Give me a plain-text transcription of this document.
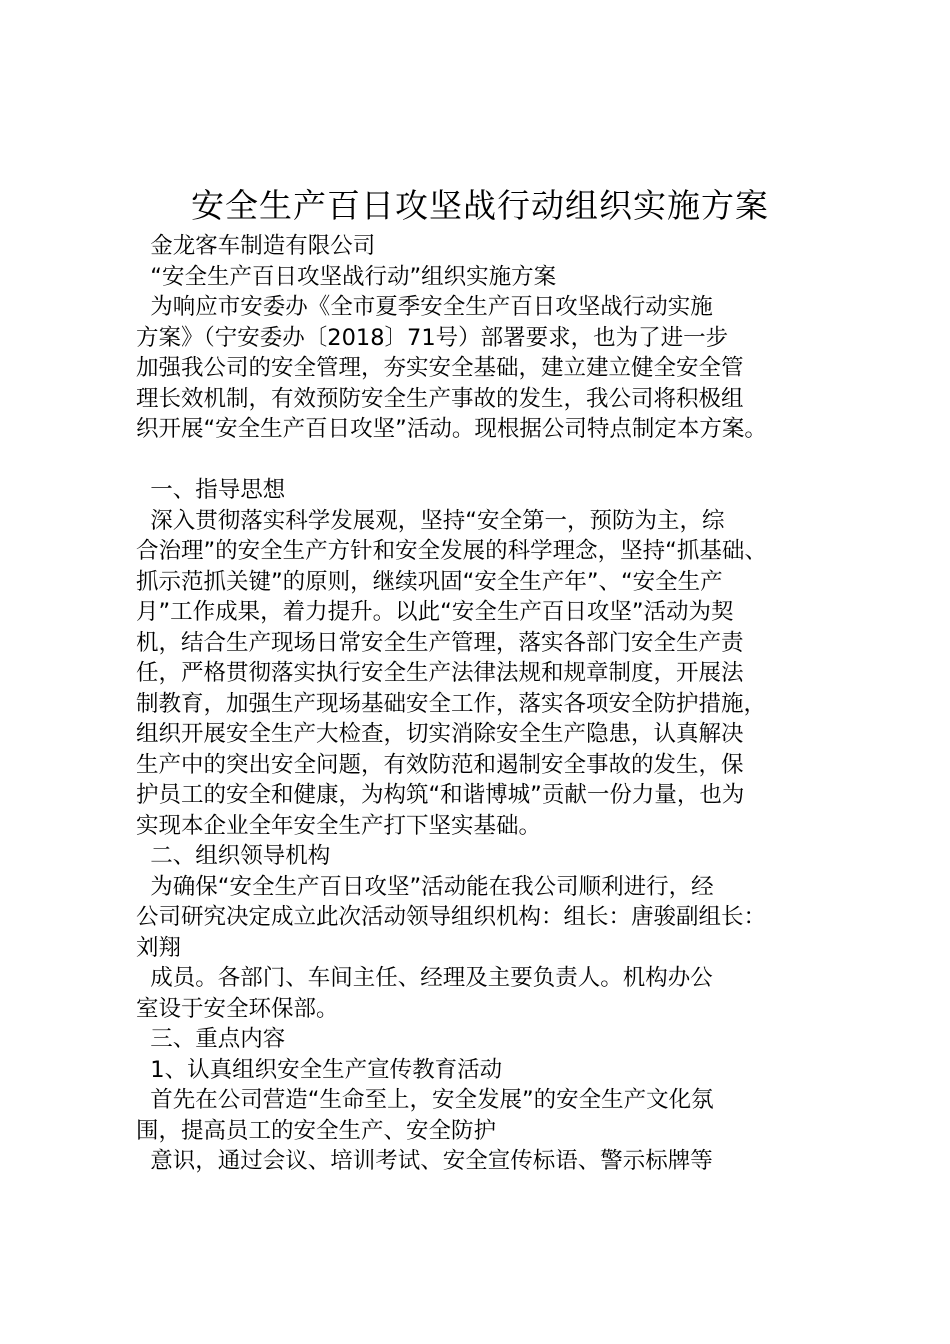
安全生产百日攻坚战行动组织实施方案
金龙客车制造有限公司
“安全生产百日攻坚战行动”组织实施方案
为响应市安委办《全市夏季安全生产百日攻坚战行动实施
方案》（宁安委办〔2018〕71号）部署要求，也为了进一步
加强我公司的安全管理，夯实安全基础，建立建立健全安全管
理长效机制，有效预防安全生产事故的发生，我公司将积极组
织开展“安全生产百日攻坚”活动。现根据公司特点制定本方案。
一、指导思想
深入贯彻落实科学发展观，坚持“安全第一，预防为主，综
合治理”的安全生产方针和安全发展的科学理念，坚持“抓基础、
抓示范抓关键”的原则，继续巩固“安全生产年”、“安全生产
月”工作成果，着力提升。以此“安全生产百日攻坚”活动为契
机，结合生产现场日常安全生产管理，落实各部门安全生产责
任，严格贯彻落实执行安全生产法律法规和规章制度，开展法
制教育，加强生产现场基础安全工作，落实各项安全防护措施，
组织开展安全生产大检查，切实消除安全生产隐患，认真解决
生产中的突出安全问题，有效防范和遏制安全事故的发生，保
护员工的安全和健康，为构筑“和谐博城”贡献一份力量，也为
实现本企业全年安全生产打下坚实基础。
二、组织领导机构
为确保“安全生产百日攻坚”活动能在我公司顺利进行，经
公司研究决定成立此次活动领导组织机构：组长：唐骏副组长：
刘翔
成员。各部门、车间主任、经理及主要负责人。机构办公
室设于安全环保部。
三、重点内容
1、认真组织安全生产宣传教育活动
首先在公司营造“生命至上，安全发展”的安全生产文化氛
围，提高员工的安全生产、安全防护
意识，通过会议、培训考试、安全宣传标语、警示标牌等
